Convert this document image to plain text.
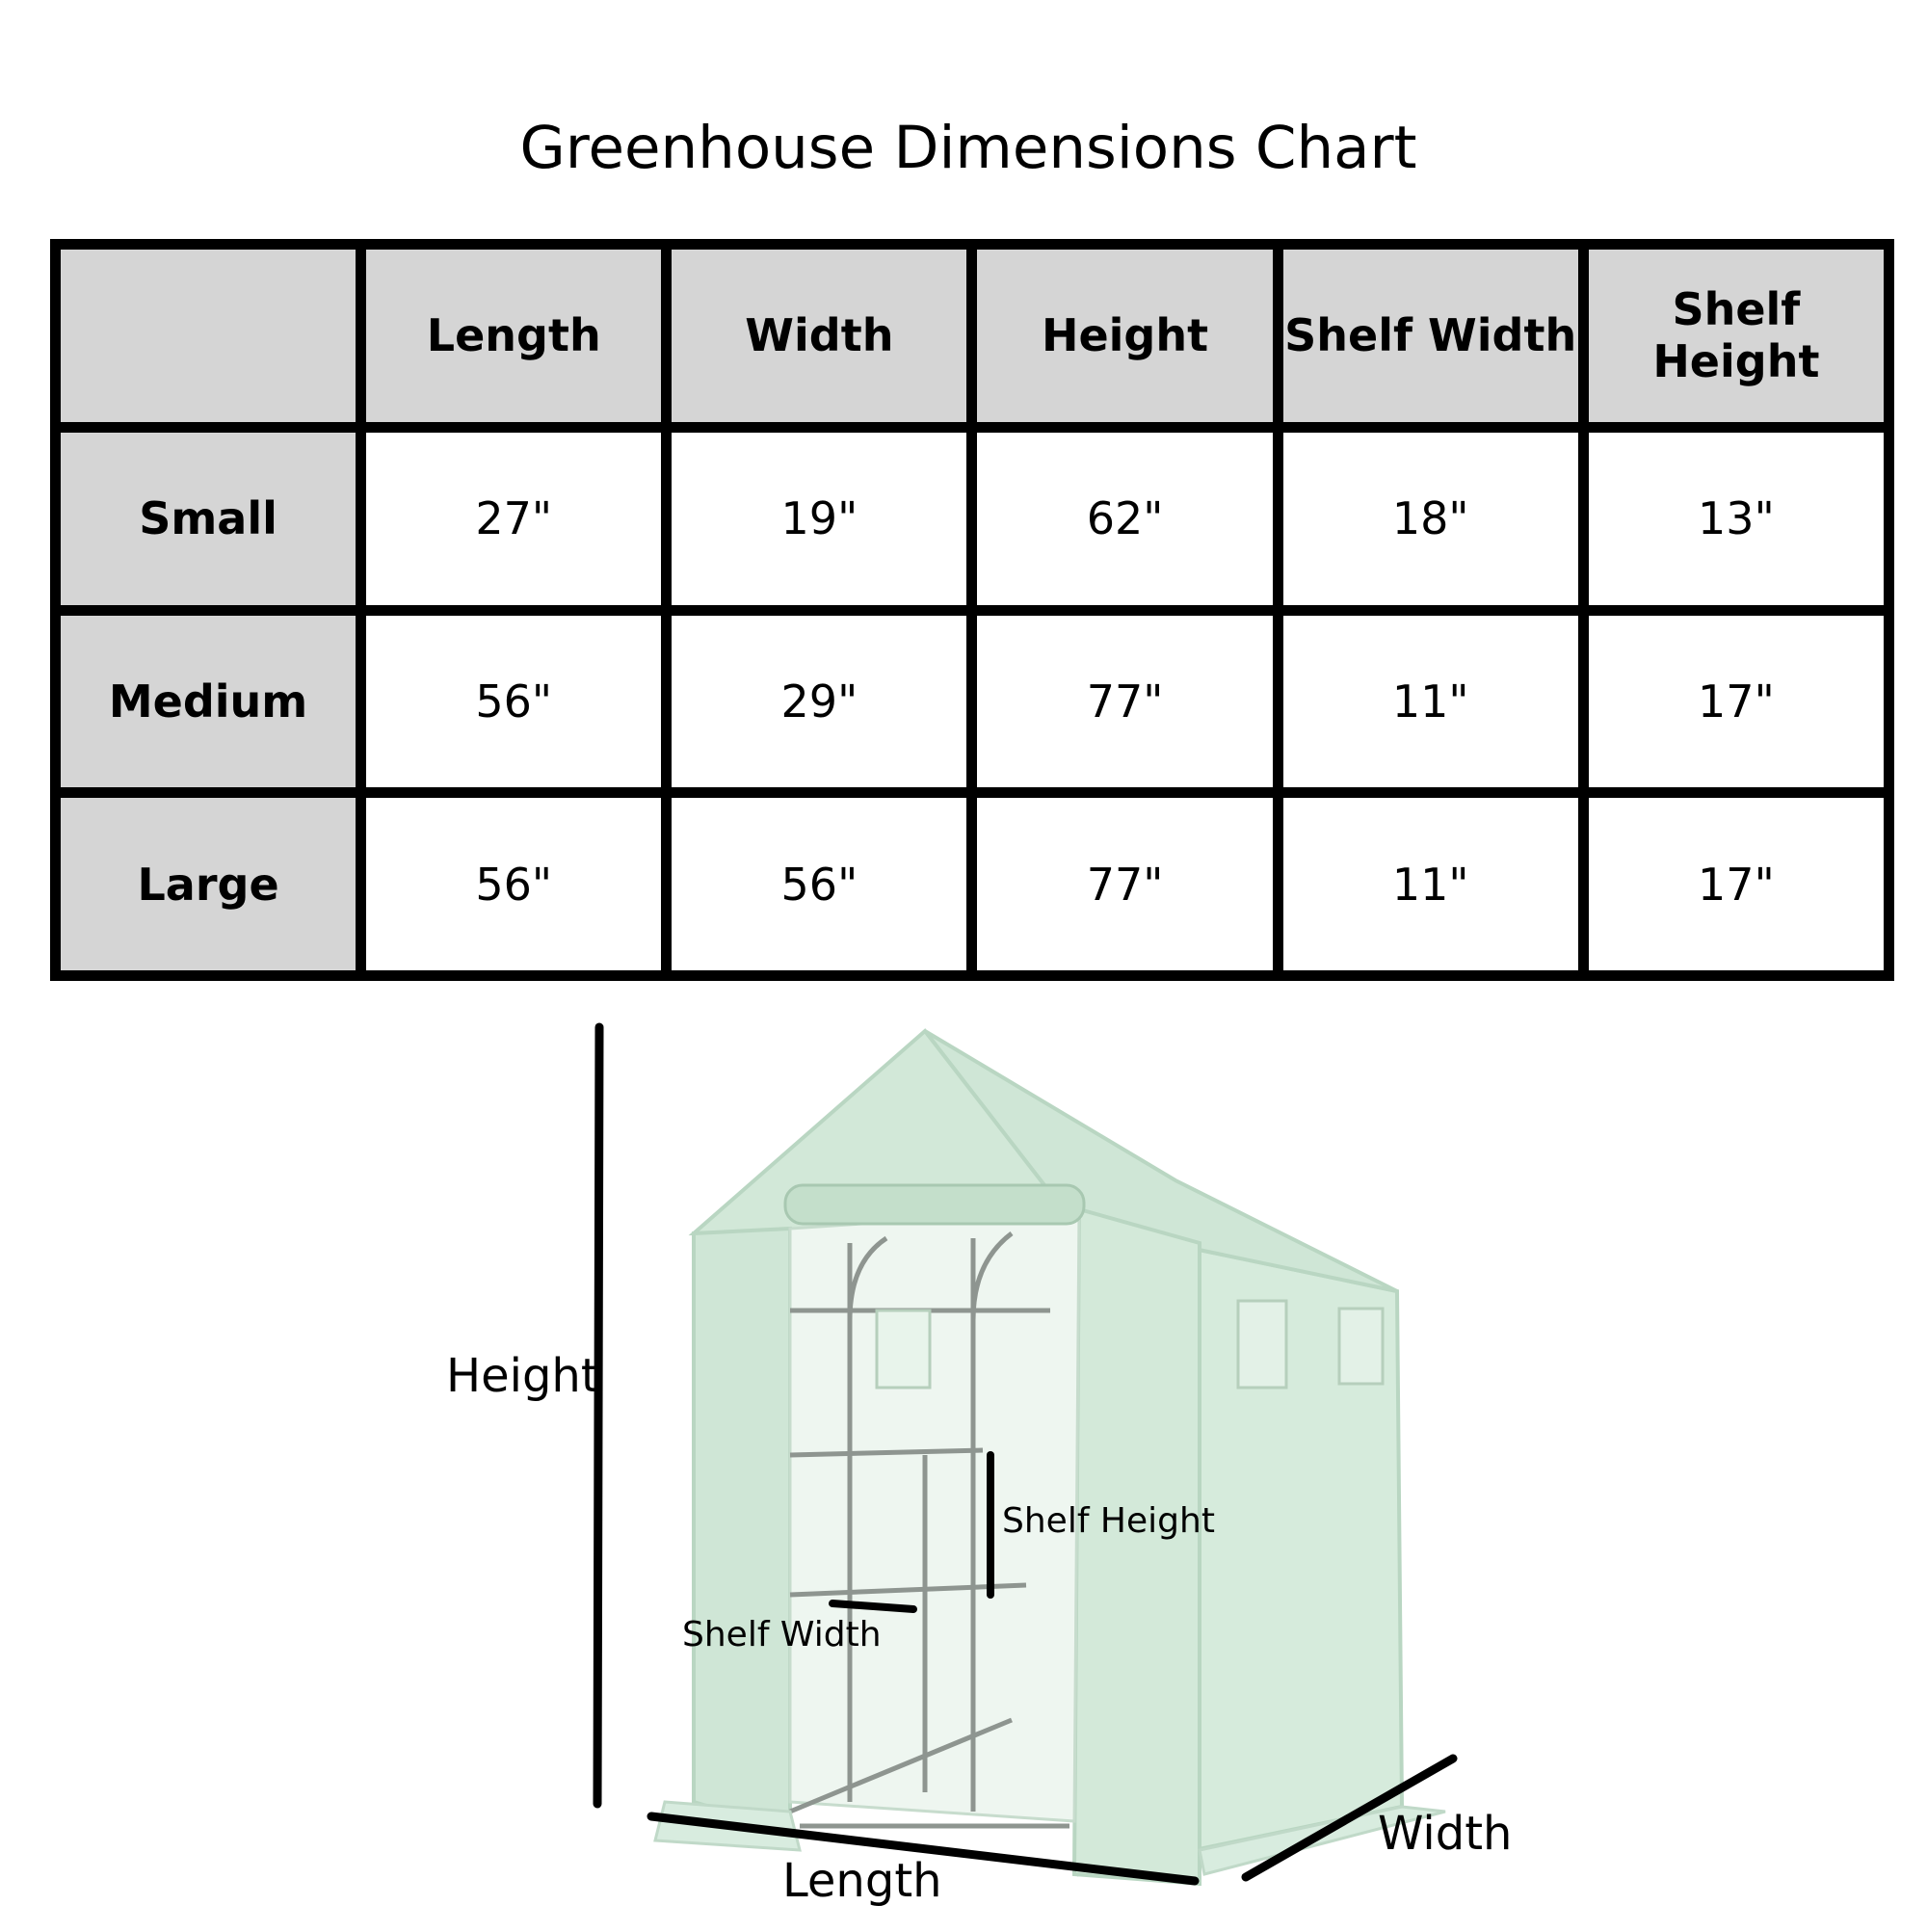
Greenhouse Dimensions Chart
	Length	Width	Height	Shelf Width	Shelf Height
Small	27"	19"	62"	18"	13"
Medium	56"	29"	77"	11"	17"
Large	56"	56"	77"	11"	17"
Height
Shelf Height
Shelf Width
Length
Width
